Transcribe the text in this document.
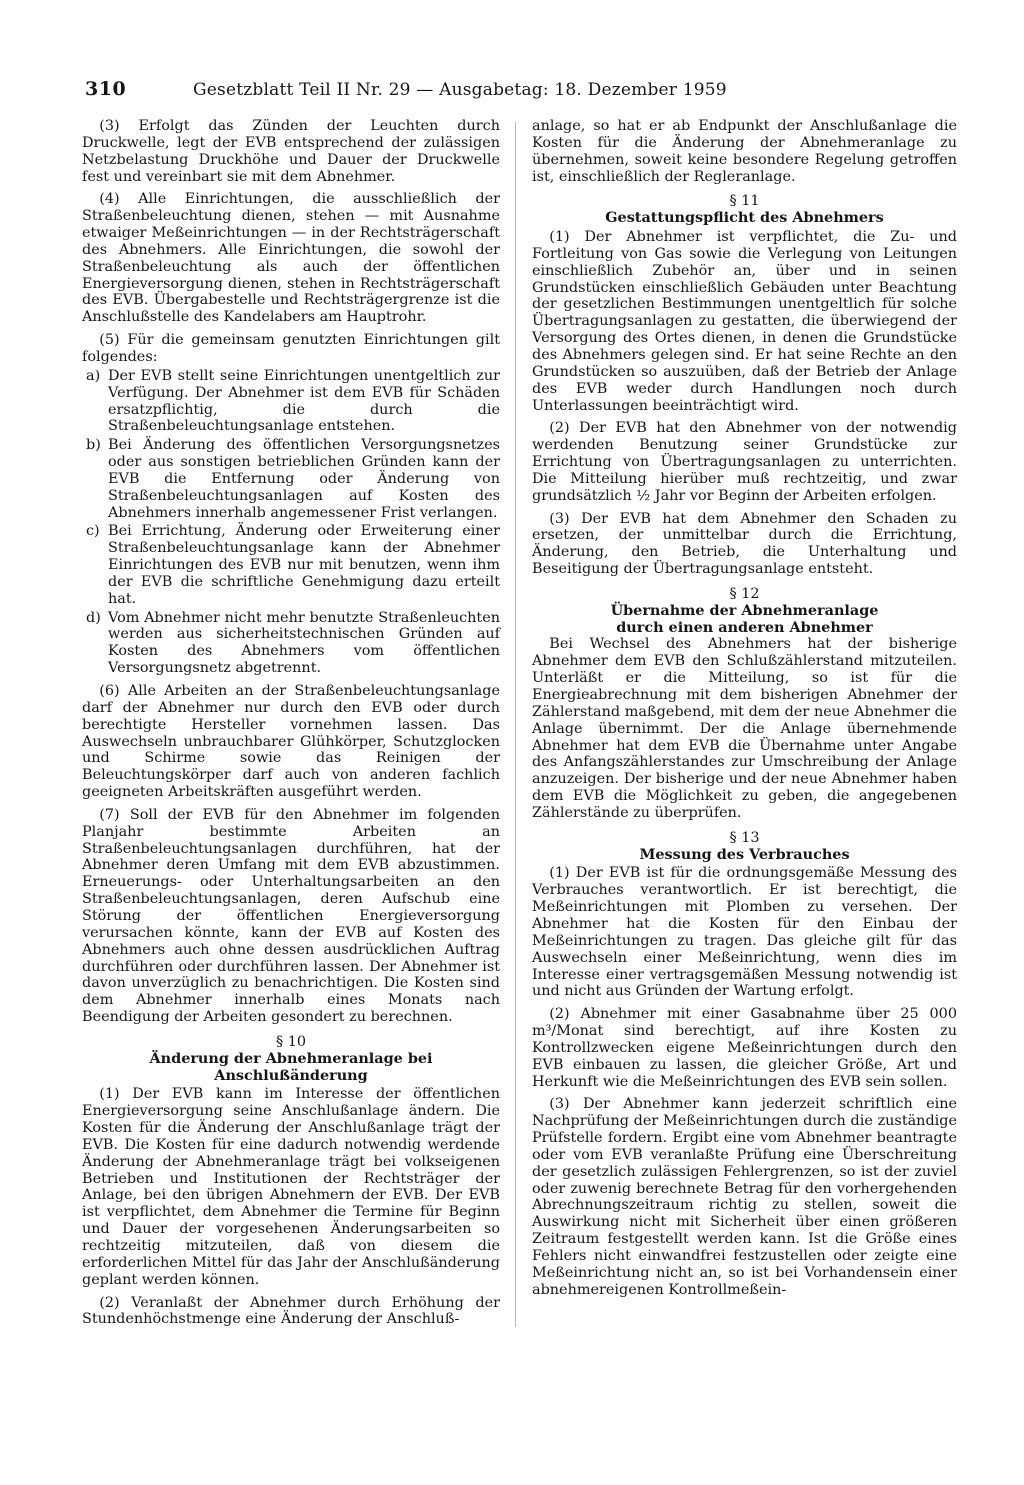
310	Gesetzblatt Teil II Nr. 29 — Ausgabetag: 18. Dezember 1959

(3) Erfolgt das Zünden der Leuchten durch Druckwelle, legt der EVB entsprechend der zulässigen Netzbelastung Druckhöhe und Dauer der Druckwelle fest und vereinbart sie mit dem Abnehmer.

(4) Alle Einrichtungen, die ausschließlich der Straßenbeleuchtung dienen, stehen — mit Ausnahme etwaiger Meßeinrichtungen — in der Rechtsträgerschaft des Abnehmers. Alle Einrichtungen, die sowohl der Straßenbeleuchtung als auch der öffentlichen Energieversorgung dienen, stehen in Rechtsträgerschaft des EVB. Übergabestelle und Rechtsträgergrenze ist die Anschlußstelle des Kandelabers am Hauptrohr.

(5) Für die gemeinsam genutzten Einrichtungen gilt folgendes:

a) Der EVB stellt seine Einrichtungen unentgeltlich zur Verfügung. Der Abnehmer ist dem EVB für Schäden ersatzpflichtig, die durch die Straßenbeleuchtungsanlage entstehen.
b) Bei Änderung des öffentlichen Versorgungsnetzes oder aus sonstigen betrieblichen Gründen kann der EVB die Entfernung oder Änderung von Straßenbeleuchtungsanlagen auf Kosten des Abnehmers innerhalb angemessener Frist verlangen.
c) Bei Errichtung, Änderung oder Erweiterung einer Straßenbeleuchtungsanlage kann der Abnehmer Einrichtungen des EVB nur mit benutzen, wenn ihm der EVB die schriftliche Genehmigung dazu erteilt hat.
d) Vom Abnehmer nicht mehr benutzte Straßenleuchten werden aus sicherheitstechnischen Gründen auf Kosten des Abnehmers vom öffentlichen Versorgungsnetz abgetrennt.

(6) Alle Arbeiten an der Straßenbeleuchtungsanlage darf der Abnehmer nur durch den EVB oder durch berechtigte Hersteller vornehmen lassen. Das Auswechseln unbrauchbarer Glühkörper, Schutzglocken und Schirme sowie das Reinigen der Beleuchtungskörper darf auch von anderen fachlich geeigneten Arbeitskräften ausgeführt werden.

(7) Soll der EVB für den Abnehmer im folgenden Planjahr bestimmte Arbeiten an Straßenbeleuchtungsanlagen durchführen, hat der Abnehmer deren Umfang mit dem EVB abzustimmen. Erneuerungs- oder Unterhaltungsarbeiten an den Straßenbeleuchtungsanlagen, deren Aufschub eine Störung der öffentlichen Energieversorgung verursachen könnte, kann der EVB auf Kosten des Abnehmers auch ohne dessen ausdrücklichen Auftrag durchführen oder durchführen lassen. Der Abnehmer ist davon unverzüglich zu benachrichtigen. Die Kosten sind dem Abnehmer innerhalb eines Monats nach Beendigung der Arbeiten gesondert zu berechnen.

§ 10
Änderung der Abnehmeranlage bei Anschlußänderung

(1) Der EVB kann im Interesse der öffentlichen Energieversorgung seine Anschlußanlage ändern. Die Kosten für die Änderung der Anschlußanlage trägt der EVB. Die Kosten für eine dadurch notwendig werdende Änderung der Abnehmeranlage trägt bei volkseigenen Betrieben und Institutionen der Rechtsträger der Anlage, bei den übrigen Abnehmern der EVB. Der EVB ist verpflichtet, dem Abnehmer die Termine für Beginn und Dauer der vorgesehenen Änderungsarbeiten so rechtzeitig mitzuteilen, daß von diesem die erforderlichen Mittel für das Jahr der Anschlußänderung geplant werden können.

(2) Veranlaßt der Abnehmer durch Erhöhung der Stundenhöchstmenge eine Änderung der Anschluß-

anlage, so hat er ab Endpunkt der Anschlußanlage die Kosten für die Änderung der Abnehmeranlage zu übernehmen, soweit keine besondere Regelung getroffen ist, einschließlich der Regleranlage.

§ 11
Gestattungspflicht des Abnehmers

(1) Der Abnehmer ist verpflichtet, die Zu- und Fortleitung von Gas sowie die Verlegung von Leitungen einschließlich Zubehör an, über und in seinen Grundstücken einschließlich Gebäuden unter Beachtung der gesetzlichen Bestimmungen unentgeltlich für solche Übertragungsanlagen zu gestatten, die überwiegend der Versorgung des Ortes dienen, in denen die Grundstücke des Abnehmers gelegen sind. Er hat seine Rechte an den Grundstücken so auszuüben, daß der Betrieb der Anlage des EVB weder durch Handlungen noch durch Unterlassungen beeinträchtigt wird.

(2) Der EVB hat den Abnehmer von der notwendig werdenden Benutzung seiner Grundstücke zur Errichtung von Übertragungsanlagen zu unterrichten. Die Mitteilung hierüber muß rechtzeitig, und zwar grundsätzlich ½ Jahr vor Beginn der Arbeiten erfolgen.

(3) Der EVB hat dem Abnehmer den Schaden zu ersetzen, der unmittelbar durch die Errichtung, Änderung, den Betrieb, die Unterhaltung und Beseitigung der Übertragungsanlage entsteht.

§ 12
Übernahme der Abnehmeranlage
durch einen anderen Abnehmer

Bei Wechsel des Abnehmers hat der bisherige Abnehmer dem EVB den Schlußzählerstand mitzuteilen. Unterläßt er die Mitteilung, so ist für die Energieabrechnung mit dem bisherigen Abnehmer der Zählerstand maßgebend, mit dem der neue Abnehmer die Anlage übernimmt. Der die Anlage übernehmende Abnehmer hat dem EVB die Übernahme unter Angabe des Anfangszählerstandes zur Umschreibung der Anlage anzuzeigen. Der bisherige und der neue Abnehmer haben dem EVB die Möglichkeit zu geben, die angegebenen Zählerstände zu überprüfen.

§ 13
Messung des Verbrauches

(1) Der EVB ist für die ordnungsgemäße Messung des Verbrauches verantwortlich. Er ist berechtigt, die Meßeinrichtungen mit Plomben zu versehen. Der Abnehmer hat die Kosten für den Einbau der Meßeinrichtungen zu tragen. Das gleiche gilt für das Auswechseln einer Meßeinrichtung, wenn dies im Interesse einer vertragsgemäßen Messung notwendig ist und nicht aus Gründen der Wartung erfolgt.

(2) Abnehmer mit einer Gasabnahme über 25 000 m³/Monat sind berechtigt, auf ihre Kosten zu Kontrollzwecken eigene Meßeinrichtungen durch den EVB einbauen zu lassen, die gleicher Größe, Art und Herkunft wie die Meßeinrichtungen des EVB sein sollen.

(3) Der Abnehmer kann jederzeit schriftlich eine Nachprüfung der Meßeinrichtungen durch die zuständige Prüfstelle fordern. Ergibt eine vom Abnehmer beantragte oder vom EVB veranlaßte Prüfung eine Überschreitung der gesetzlich zulässigen Fehlergrenzen, so ist der zuviel oder zuwenig berechnete Betrag für den vorhergehenden Abrechnungszeitraum richtig zu stellen, soweit die Auswirkung nicht mit Sicherheit über einen größeren Zeitraum festgestellt werden kann. Ist die Größe eines Fehlers nicht einwandfrei festzustellen oder zeigte eine Meßeinrichtung nicht an, so ist bei Vorhandensein einer abnehmereigenen Kontrollmeßein-
